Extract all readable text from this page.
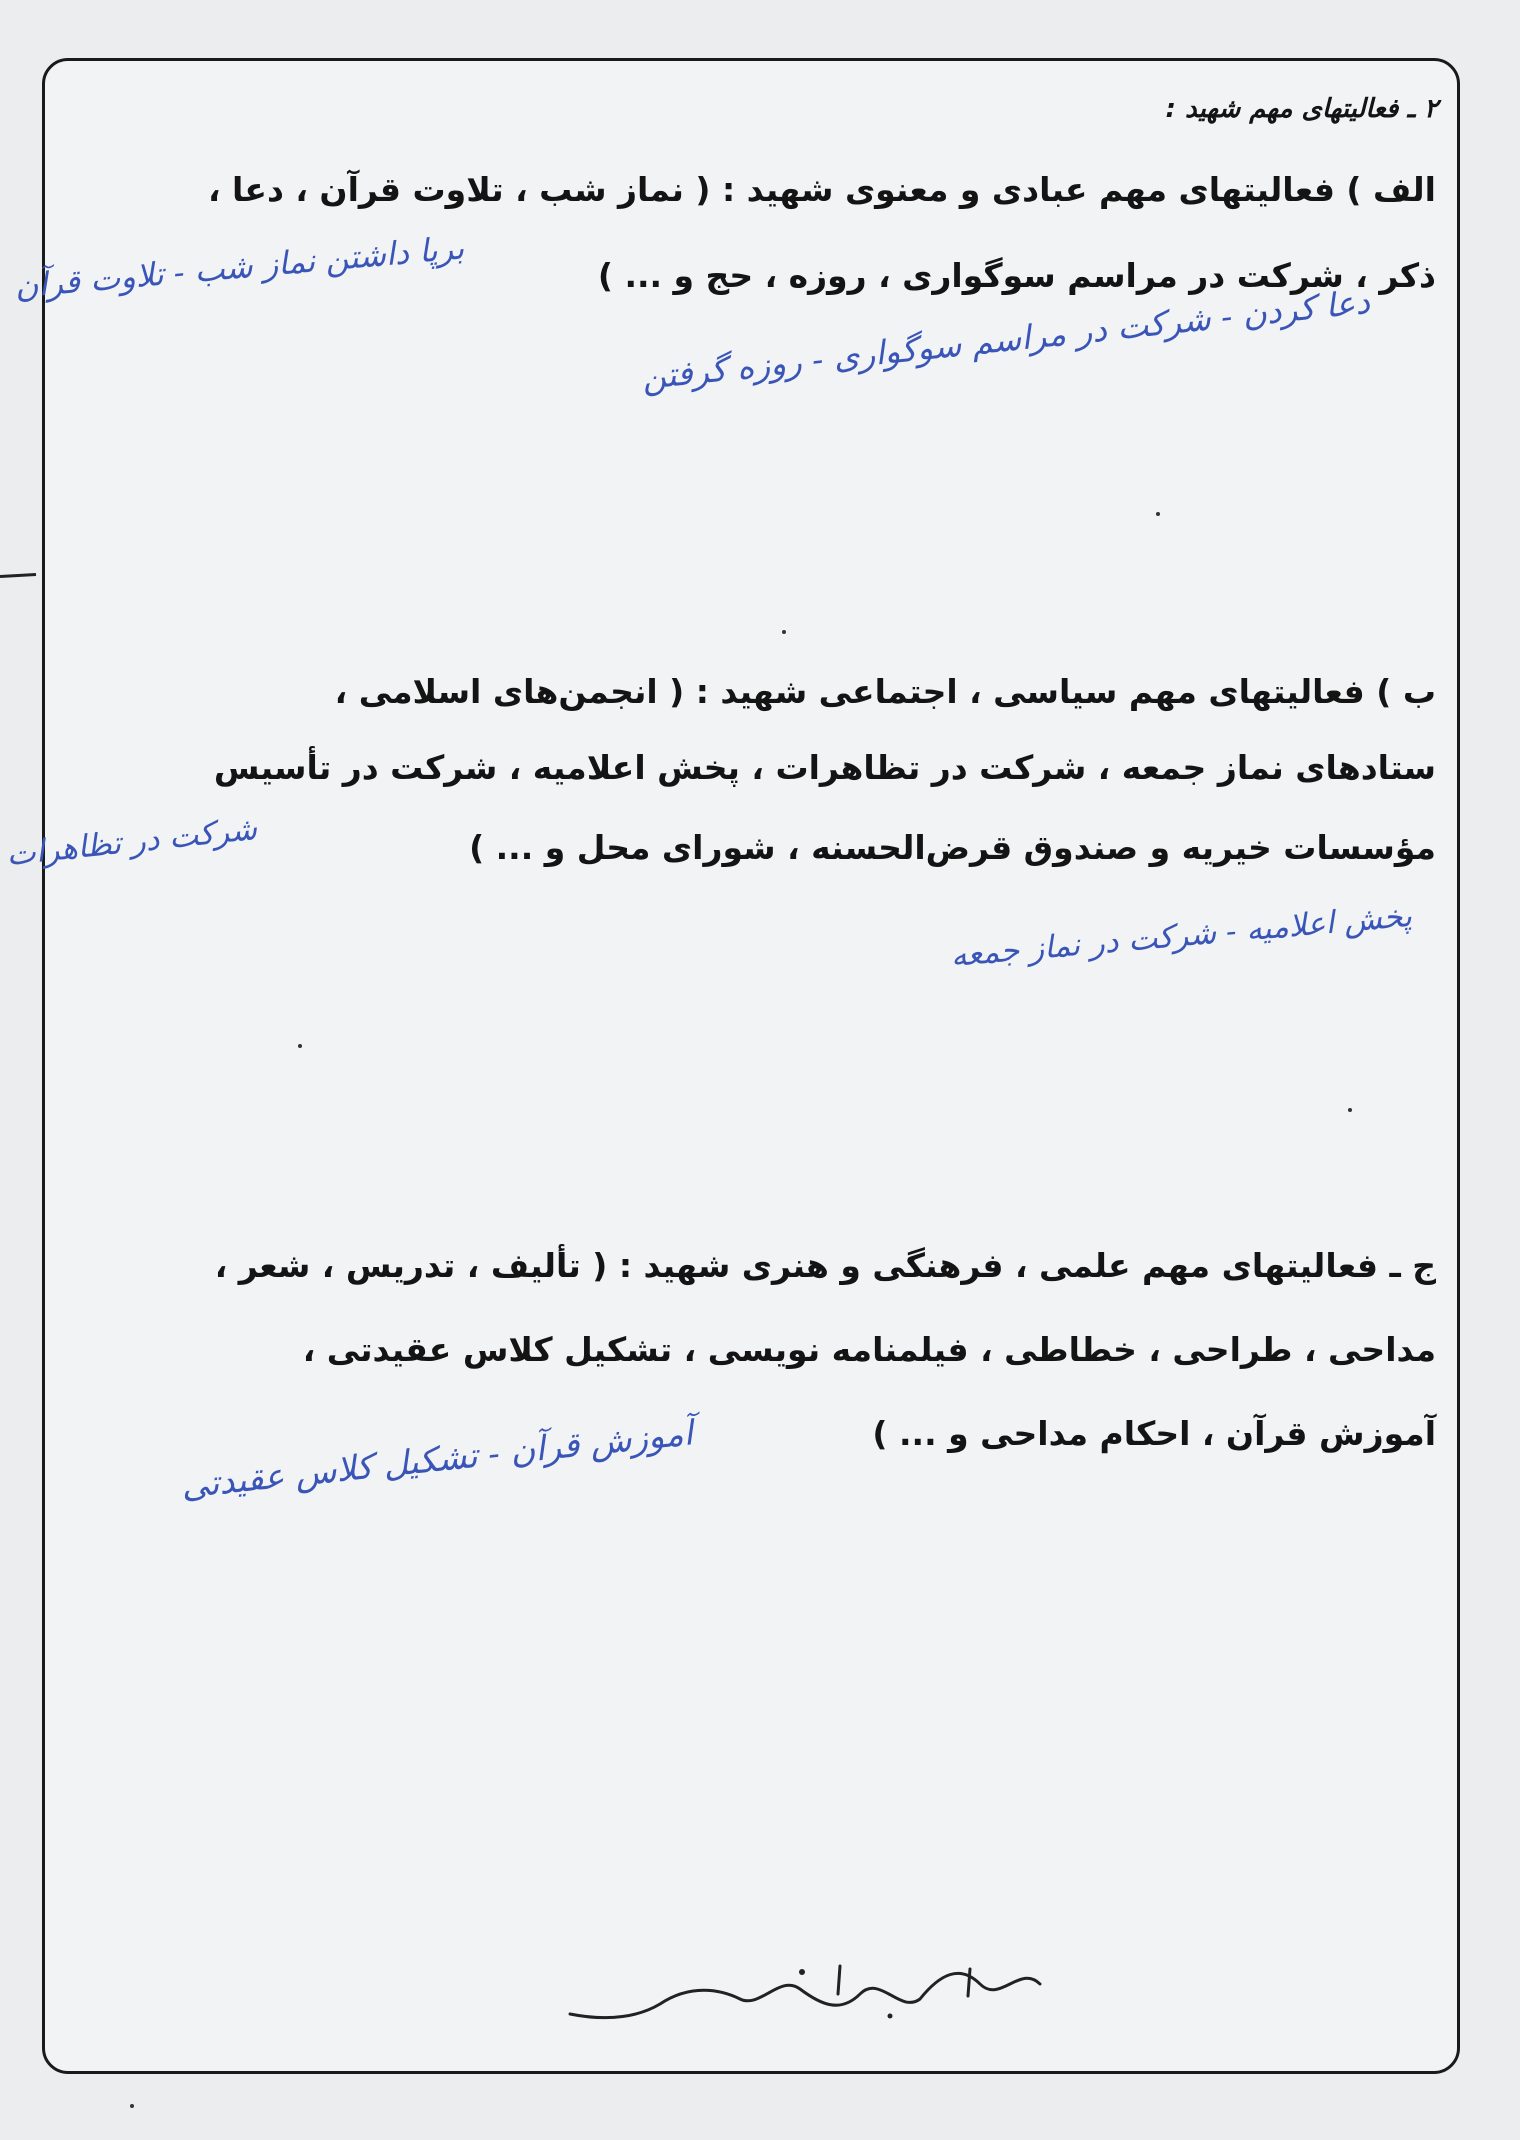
۲ ـ فعالیتهای مهم شهید :
الف ) فعالیتهای مهم عبادی و معنوی شهید : ( نماز شب ، تلاوت قرآن ، دعا ،
ذکر ، شرکت در مراسم سوگواری ، روزه ، حج و ... )
برپا داشتن نماز شب - تلاوت قرآن
دعا کردن - شرکت در مراسم سوگواری - روزه گرفتن
ب ) فعالیتهای مهم سیاسی ، اجتماعی شهید : ( انجمن‌های اسلامی ،
ستادهای نماز جمعه ، شرکت در تظاهرات ، پخش اعلامیه ، شرکت در تأسیس
مؤسسات خیریه و صندوق قرض‌الحسنه ، شورای محل و ... )
شرکت در تظاهرات
پخش اعلامیه - شرکت در نماز جمعه
ج ـ فعالیتهای مهم علمی ، فرهنگی و هنری شهید : ( تألیف ، تدریس ، شعر ،
مداحی ، طراحی ، خطاطی ، فیلمنامه نویسی ، تشکیل کلاس عقیدتی ،
آموزش قرآن ، احکام مداحی و ... )
آموزش قرآن - تشکیل کلاس عقیدتی
